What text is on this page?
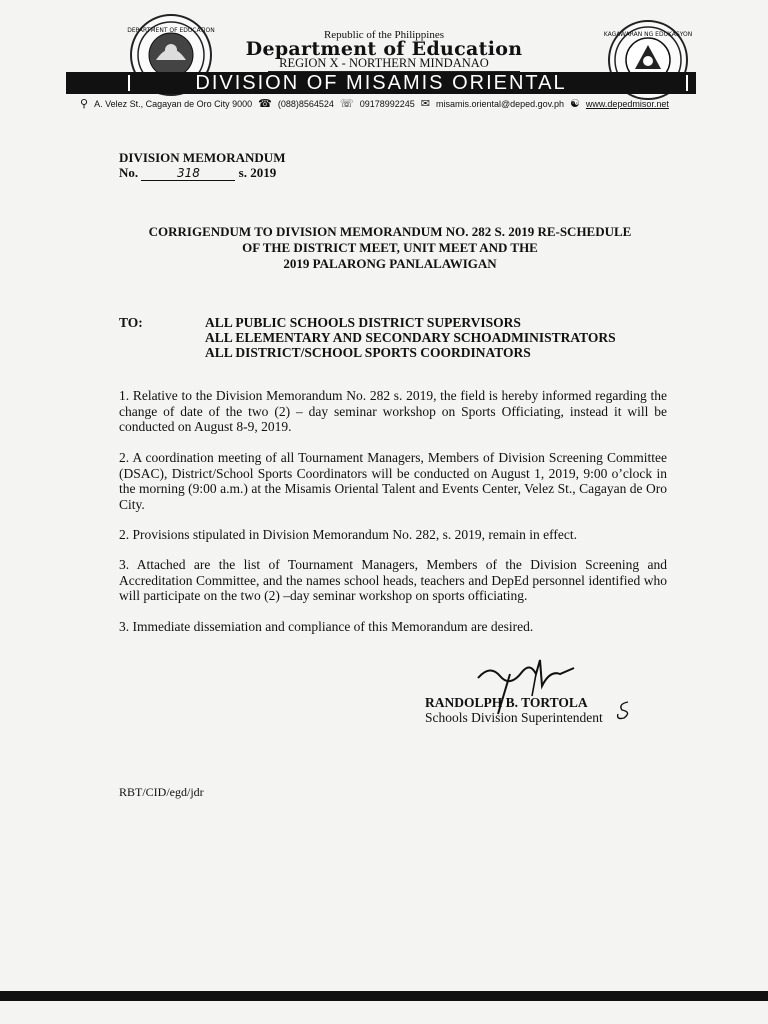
DEPARTMENT OF EDUCATION
KAGAWARAN NG EDUKASYON
Republic of the Philippines
Department of Education
REGION X - NORTHERN MINDANAO
DIVISION OF MISAMIS ORIENTAL
⚲ A. Velez St., Cagayan de Oro City 9000 ☎ (088)8564524 ☏ 09178992245 ✉ misamis.oriental@deped.gov.ph ☯ www.depedmisor.net
DIVISION MEMORANDUM
No.	318	s. 2019
CORRIGENDUM TO DIVISION MEMORANDUM NO. 282 S. 2019 RE-SCHEDULE
OF THE DISTRICT MEET, UNIT MEET AND THE
2019 PALARONG PANLALAWIGAN
TO:	ALL PUBLIC SCHOOLS DISTRICT SUPERVISORS
ALL ELEMENTARY AND SECONDARY SCHOADMINISTRATORS
ALL DISTRICT/SCHOOL SPORTS COORDINATORS
1. Relative to the Division Memorandum No. 282 s. 2019, the field is hereby informed regarding the change of date of the two (2) – day seminar workshop on Sports Officiating, instead it will be conducted on August 8-9, 2019.
2. A coordination meeting of all Tournament Managers, Members of Division Screening Committee (DSAC), District/School Sports Coordinators will be conducted on August 1, 2019, 9:00 o’clock in the morning (9:00 a.m.) at the Misamis Oriental Talent and Events Center, Velez St., Cagayan de Oro City.
2. Provisions stipulated in Division Memorandum No. 282, s. 2019, remain in effect.
3. Attached are the list of Tournament Managers, Members of the Division Screening and Accreditation Committee, and the names school heads, teachers and DepEd personnel identified who will participate on the two (2) –day seminar workshop on sports officiating.
3. Immediate dissemiation and compliance of this Memorandum are desired.
RANDOLPH B. TORTOLA
Schools Division Superintendent
RBT/CID/egd/jdr
